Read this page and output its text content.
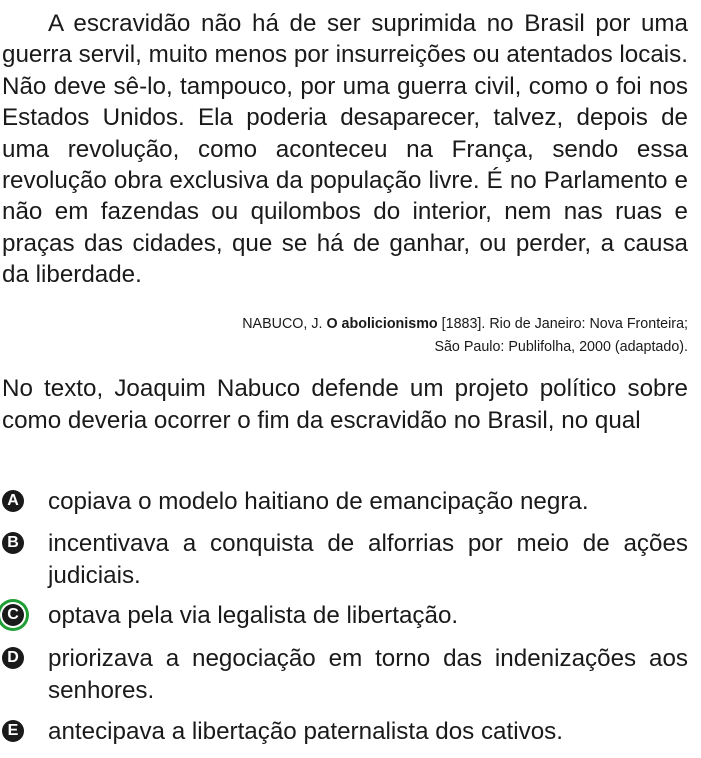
A escravidão não há de ser suprimida no Brasil por uma guerra servil, muito menos por insurreições ou atentados locais. Não deve sê-lo, tampouco, por uma guerra civil, como o foi nos Estados Unidos. Ela poderia desaparecer, talvez, depois de uma revolução, como aconteceu na França, sendo essa revolução obra exclusiva da população livre. É no Parlamento e não em fazendas ou quilombos do interior, nem nas ruas e praças das cidades, que se há de ganhar, ou perder, a causa da liberdade.

NABUCO, J. O abolicionismo [1883]. Rio de Janeiro: Nova Fronteira;
São Paulo: Publifolha, 2000 (adaptado).
No texto, Joaquim Nabuco defende um projeto político sobre como deveria ocorrer o fim da escravidão no Brasil, no qual
A copiava o modelo haitiano de emancipação negra.
B incentivava a conquista de alforrias por meio de ações judiciais.
C optava pela via legalista de libertação.
D priorizava a negociação em torno das indenizações aos senhores.
E antecipava a libertação paternalista dos cativos.
